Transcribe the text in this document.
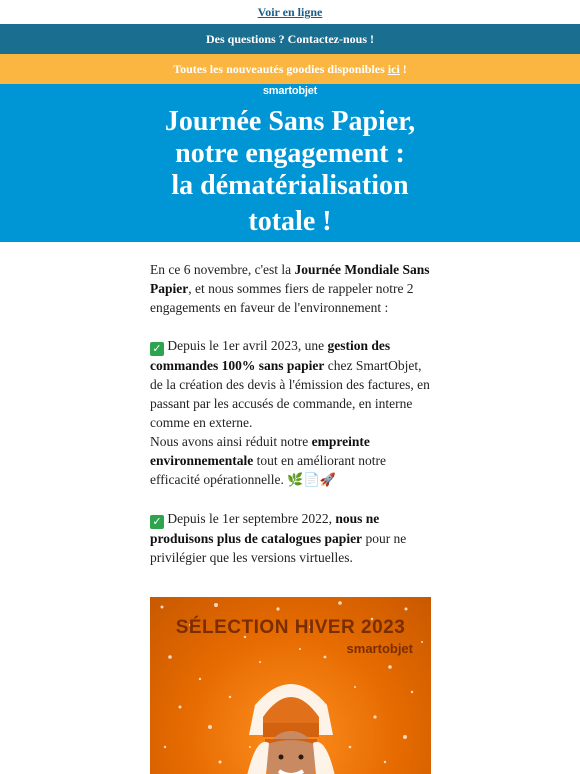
Voir en ligne
Des questions ? Contactez-nous !
Toutes les nouveautés goodies disponibles ici !
smartobjet
Journée Sans Papier,
notre engagement :
la dématérialisation
totale !

En ce 6 novembre, c'est la Journée Mondiale Sans Papier, et nous sommes fiers de rappeler notre 2 engagements en faveur de l'environnement :

✓ Depuis le 1er avril 2023, une gestion des commandes 100% sans papier chez SmartObjet, de la création des devis à l'émission des factures, en passant par les accusés de commande, en interne comme en externe.

Nous avons ainsi réduit notre empreinte environnementale tout en améliorant notre efficacité opérationnelle. 🌿📄🚀

✓ Depuis le 1er septembre 2022, nous ne produisons plus de catalogues papier pour ne privilégier que les versions virtuelles.

SÉLECTION HIVER 2023
smartobjet
